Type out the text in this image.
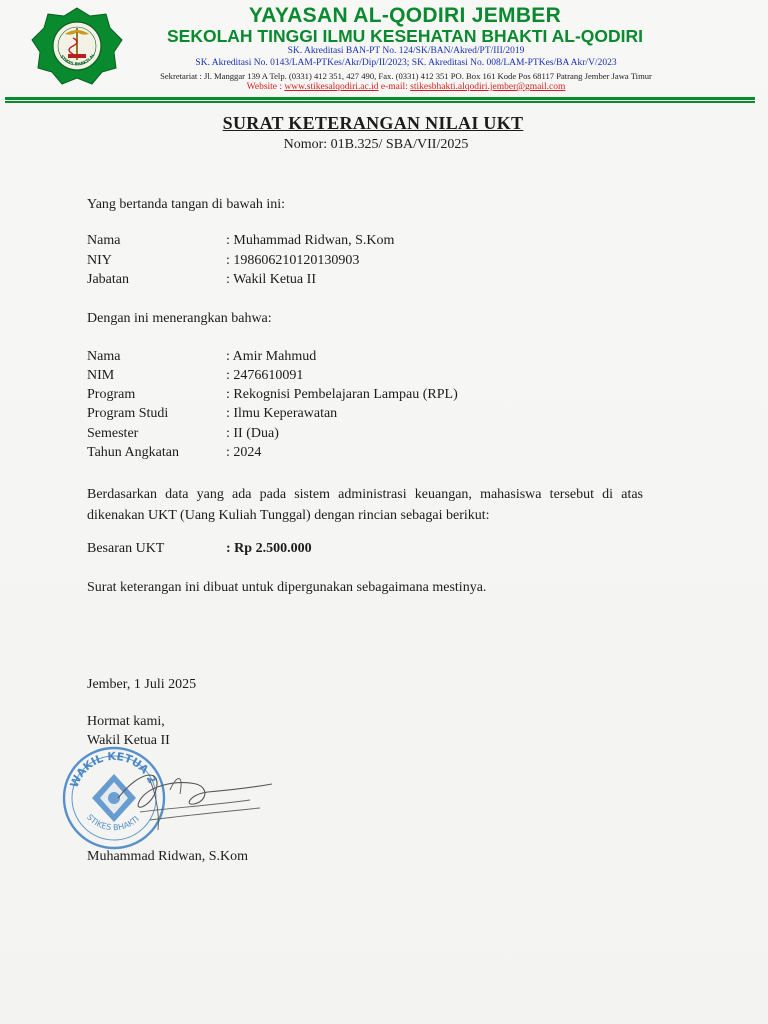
STIKES BHAKTI AL
YAYASAN AL-QODIRI JEMBER
SEKOLAH TINGGI ILMU KESEHATAN BHAKTI AL-QODIRI
SK. Akreditasi BAN-PT No. 124/SK/BAN/Akred/PT/III/2019
SK. Akreditasi No. 0143/LAM-PTKes/Akr/Dip/II/2023; SK. Akreditasi No. 008/LAM-PTKes/BA Akr/V/2023
Sekretariat : Jl. Manggar 139 A Telp. (0331) 412 351, 427 490, Fax. (0331) 412 351 PO. Box 161 Kode Pos 68117 Patrang Jember Jawa Timur
Website : www.stikesalqodiri.ac.id e-mail: stikesbhakti.alqodiri.jember@gmail.com
SURAT KETERANGAN NILAI UKT
Nomor: 01B.325/ SBA/VII/2025
Yang bertanda tangan di bawah ini:
Nama	: Muhammad Ridwan, S.Kom
NIY	: 198606210120130903
Jabatan	: Wakil Ketua II
Dengan ini menerangkan bahwa:
Nama	: Amir Mahmud
NIM	: 2476610091
Program	: Rekognisi Pembelajaran Lampau (RPL)
Program Studi	: Ilmu Keperawatan
Semester	: II (Dua)
Tahun Angkatan	: 2024
Berdasarkan data yang ada pada sistem administrasi keuangan, mahasiswa tersebut di atas dikenakan UKT (Uang Kuliah Tunggal) dengan rincian sebagai berikut:
Besaran UKT	: Rp 2.500.000
Surat keterangan ini dibuat untuk dipergunakan sebagaimana mestinya.
Jember, 1 Juli 2025
Hormat kami,
Wakil Ketua II
WAKIL KETUA 2
STIKES BHAKTI
Muhammad Ridwan, S.Kom
